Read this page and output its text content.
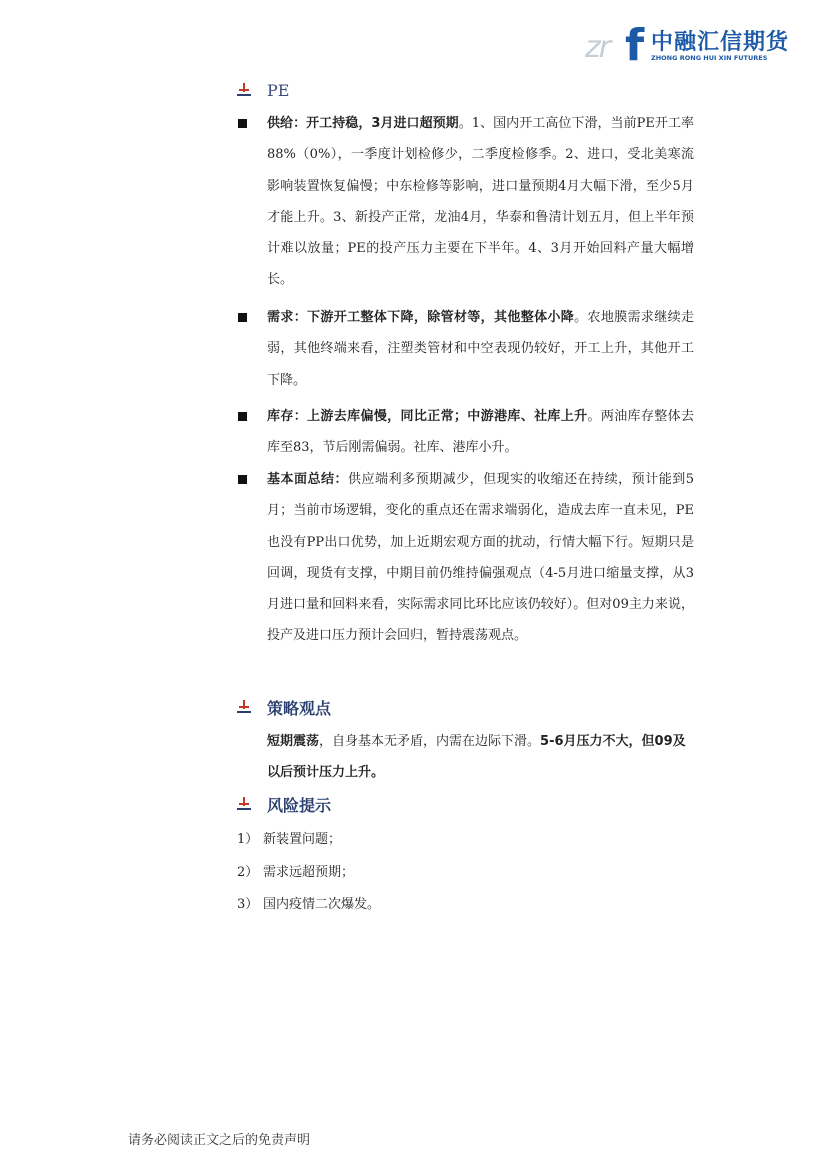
zr f 中融汇信期货
ZHONG RONG HUI XIN FUTURES
PE
供给：开工持稳，3月进口超预期。1、国内开工高位下滑，当前PE开工率88%（0%），一季度计划检修少，二季度检修季。2、进口，受北美寒流影响装置恢复偏慢；中东检修等影响，进口量预期4月大幅下滑，至少5月才能上升。3、新投产正常，龙油4月，华泰和鲁清计划五月，但上半年预计难以放量；PE的投产压力主要在下半年。4、3月开始回料产量大幅增长。
需求：下游开工整体下降，除管材等，其他整体小降。农地膜需求继续走弱，其他终端来看，注塑类管材和中空表现仍较好，开工上升，其他开工下降。
库存：上游去库偏慢，同比正常；中游港库、社库上升。两油库存整体去库至83，节后刚需偏弱。社库、港库小升。
基本面总结：供应端利多预期减少，但现实的收缩还在持续，预计能到5月；当前市场逻辑，变化的重点还在需求端弱化，造成去库一直未见，PE也没有PP出口优势，加上近期宏观方面的扰动，行情大幅下行。短期只是回调，现货有支撑，中期目前仍维持偏强观点（4-5月进口缩量支撑，从3月进口量和回料来看，实际需求同比环比应该仍较好）。但对09主力来说，投产及进口压力预计会回归，暂持震荡观点。
策略观点
短期震荡，自身基本无矛盾，内需在边际下滑。5-6月压力不大，但09及以后预计压力上升。
风险提示
1） 新装置问题；
2） 需求远超预期；
3） 国内疫情二次爆发。
请务必阅读正文之后的免责声明
